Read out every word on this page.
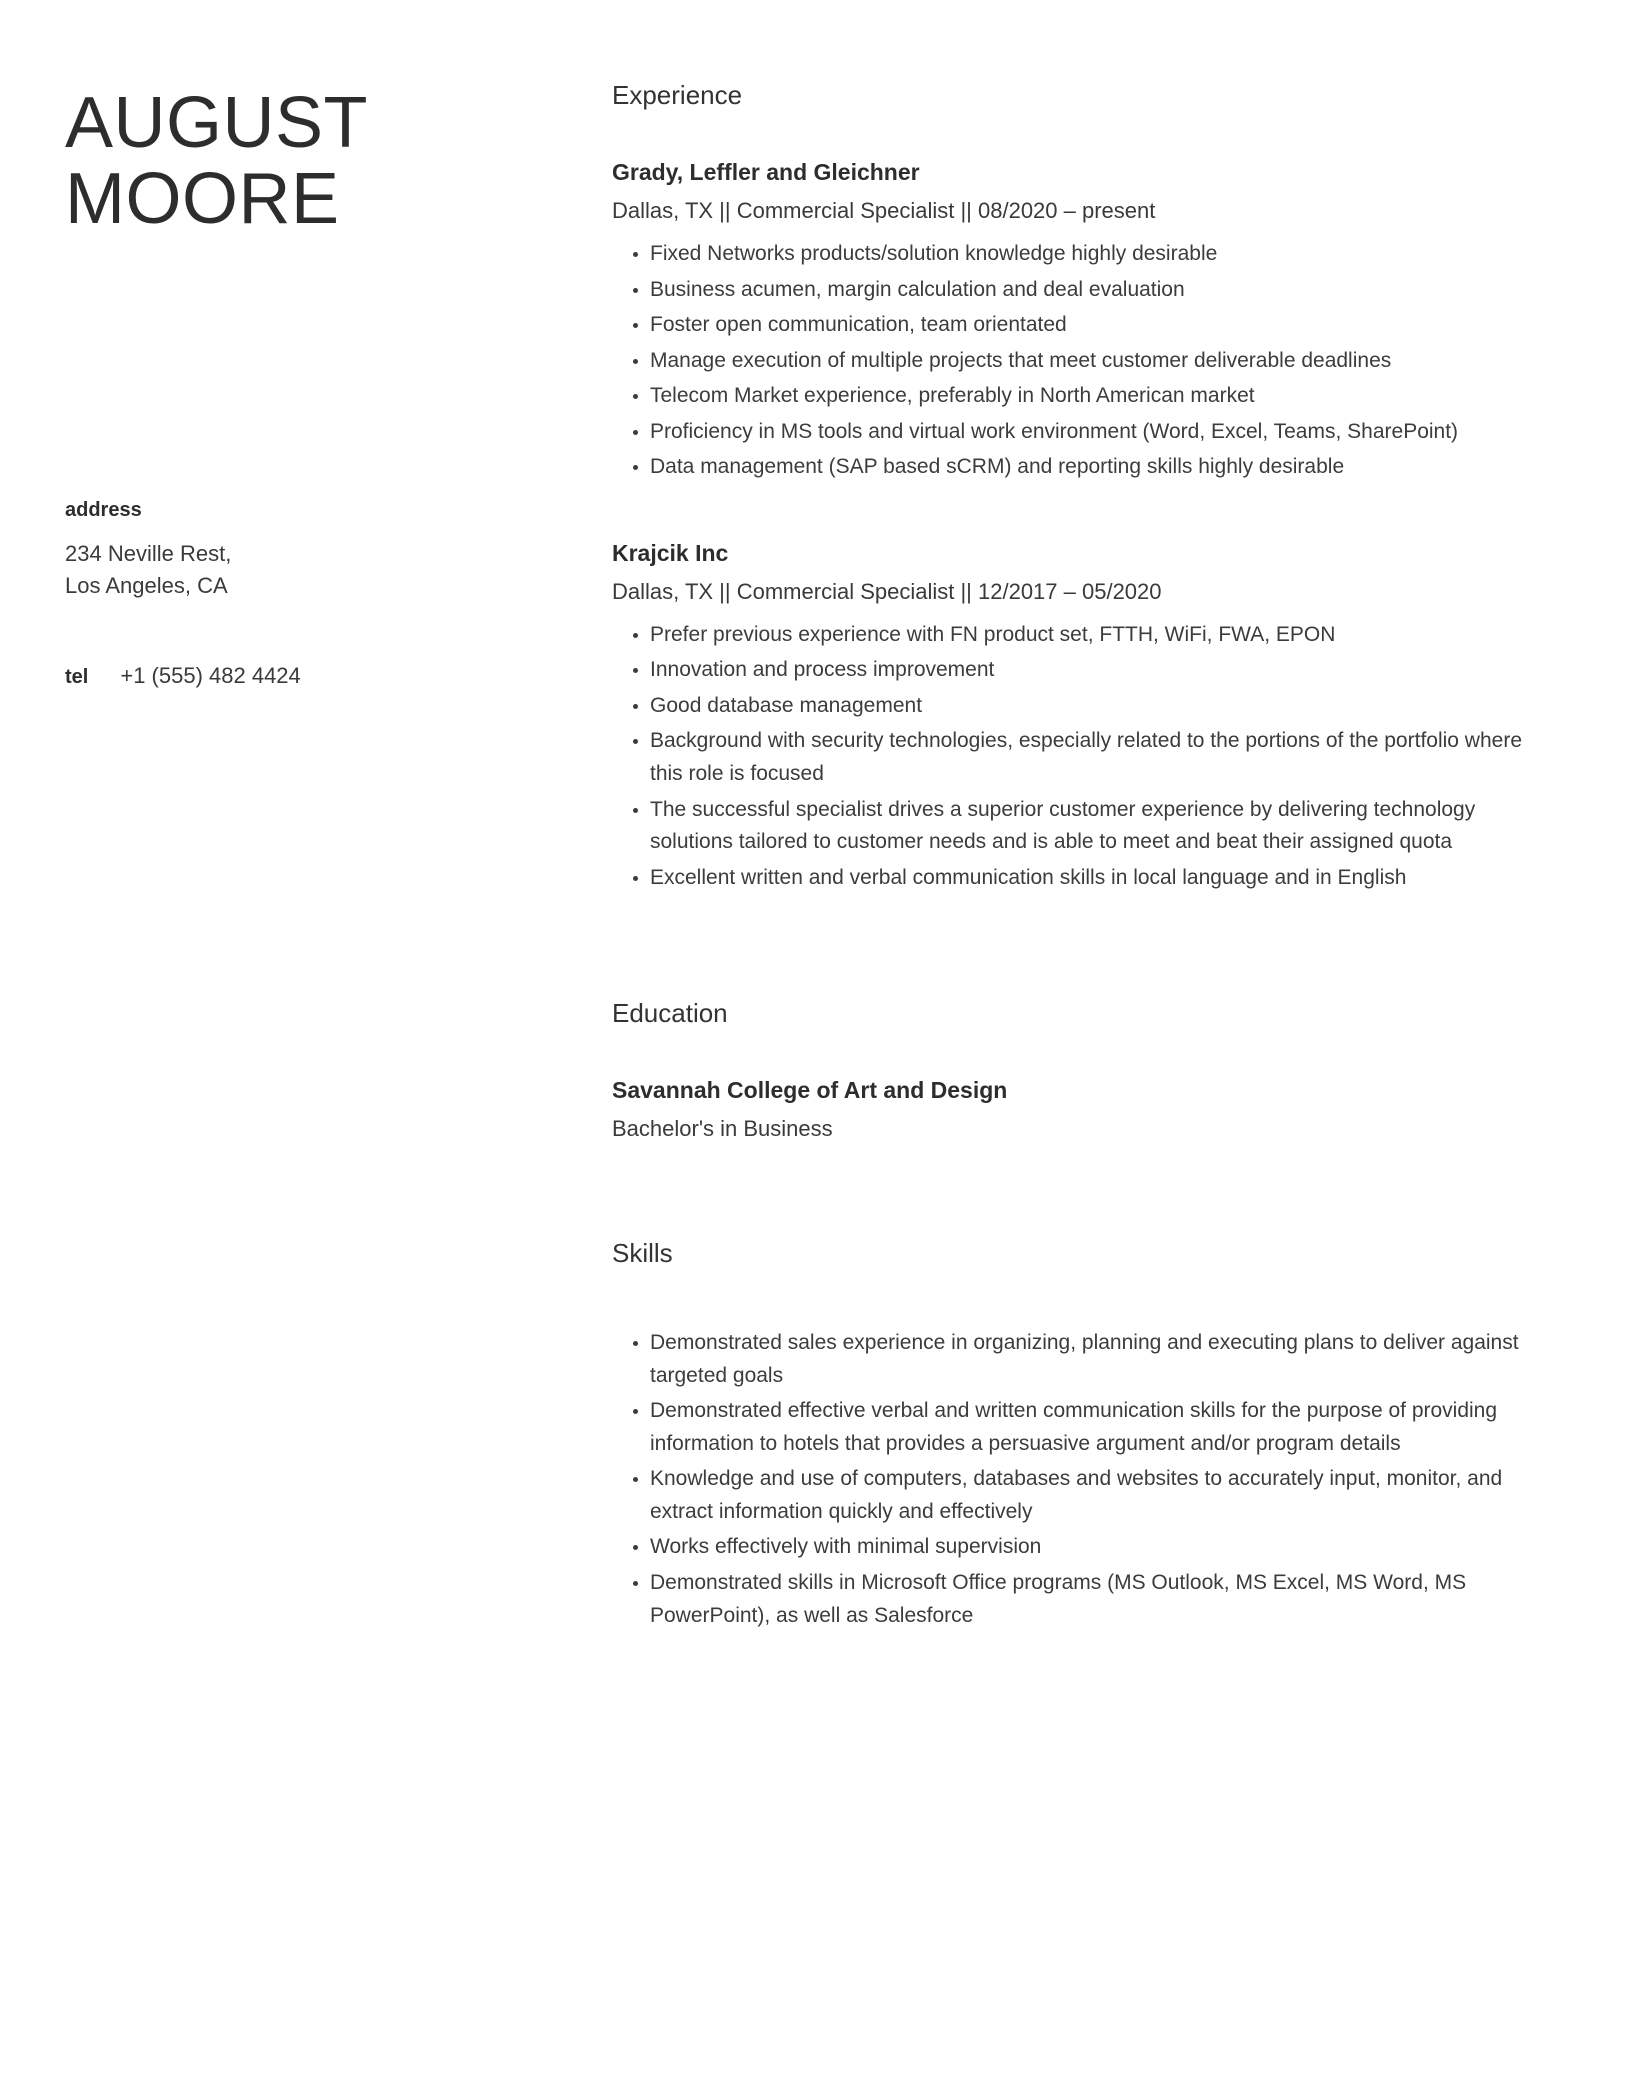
AUGUST
MOORE
address
234 Neville Rest,
Los Angeles, CA
tel +1 (555) 482 4424
Experience
Grady, Leffler and Gleichner
Dallas, TX || Commercial Specialist || 08/2020 – present
• Fixed Networks products/solution knowledge highly desirable
• Business acumen, margin calculation and deal evaluation
• Foster open communication, team orientated
• Manage execution of multiple projects that meet customer deliverable deadlines
• Telecom Market experience, preferably in North American market
• Proficiency in MS tools and virtual work environment (Word, Excel, Teams, SharePoint)
• Data management (SAP based sCRM) and reporting skills highly desirable
Krajcik Inc
Dallas, TX || Commercial Specialist || 12/2017 – 05/2020
• Prefer previous experience with FN product set, FTTH, WiFi, FWA, EPON
• Innovation and process improvement
• Good database management
• Background with security technologies, especially related to the portions of the portfolio where this role is focused
• The successful specialist drives a superior customer experience by delivering technology solutions tailored to customer needs and is able to meet and beat their assigned quota
• Excellent written and verbal communication skills in local language and in English
Education
Savannah College of Art and Design
Bachelor's in Business
Skills
• Demonstrated sales experience in organizing, planning and executing plans to deliver against targeted goals
• Demonstrated effective verbal and written communication skills for the purpose of providing information to hotels that provides a persuasive argument and/or program details
• Knowledge and use of computers, databases and websites to accurately input, monitor, and extract information quickly and effectively
• Works effectively with minimal supervision
• Demonstrated skills in Microsoft Office programs (MS Outlook, MS Excel, MS Word, MS PowerPoint), as well as Salesforce
